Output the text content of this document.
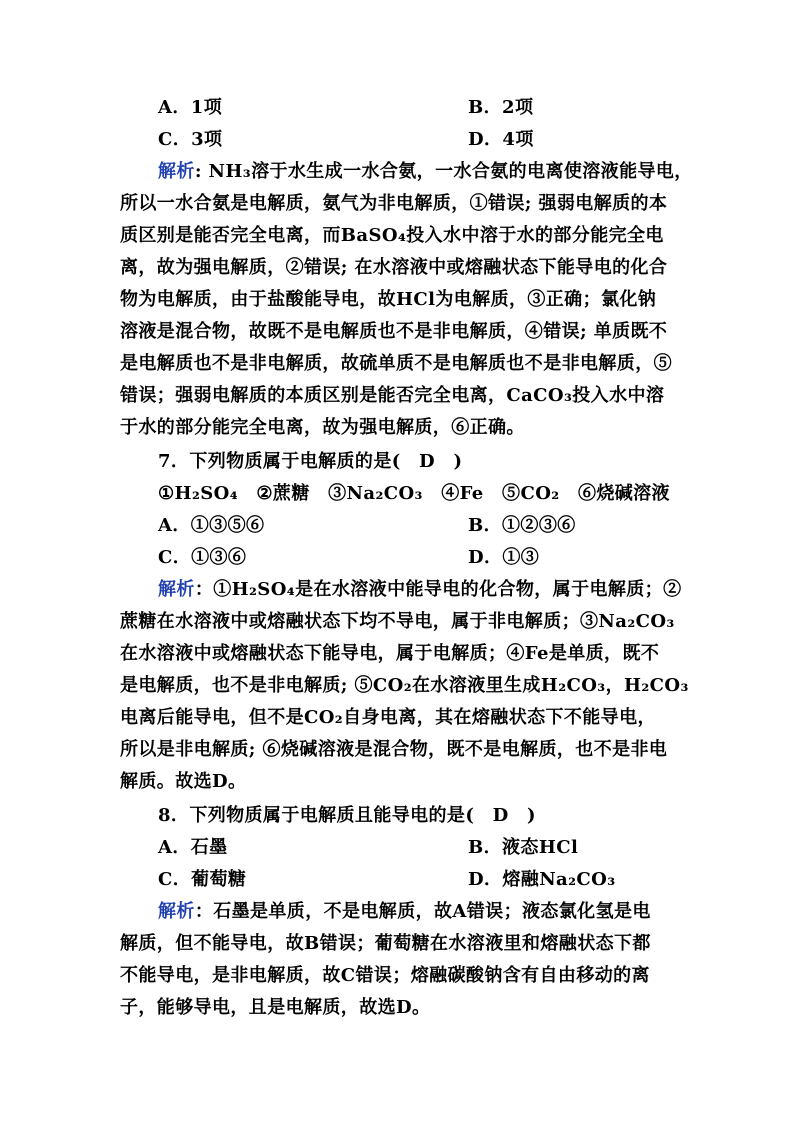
A．1项	B．2项
C．3项	D．4项
解析: NH₃溶于水生成一水合氨，一水合氨的电离使溶液能导电，
所以一水合氨是电解质，氨气为非电解质，①错误; 强弱电解质的本
质区别是能否完全电离，而BaSO₄投入水中溶于水的部分能完全电
离，故为强电解质，②错误; 在水溶液中或熔融状态下能导电的化合
物为电解质，由于盐酸能导电，故HCl为电解质，③正确；氯化钠
溶液是混合物，故既不是电解质也不是非电解质，④错误; 单质既不
是电解质也不是非电解质，故硫单质不是电解质也不是非电解质，⑤
错误；强弱电解质的本质区别是能否完全电离，CaCO₃投入水中溶
于水的部分能完全电离，故为强电解质，⑥正确。
7．下列物质属于电解质的是(　D　)
①H₂SO₄　②蔗糖　③Na₂CO₃　④Fe　⑤CO₂　⑥烧碱溶液
A．①③⑤⑥	B．①②③⑥
C．①③⑥	D．①③
解析：①H₂SO₄是在水溶液中能导电的化合物，属于电解质；②
蔗糖在水溶液中或熔融状态下均不导电，属于非电解质；③Na₂CO₃
在水溶液中或熔融状态下能导电，属于电解质；④Fe是单质，既不
是电解质，也不是非电解质; ⑤CO₂在水溶液里生成H₂CO₃，H₂CO₃
电离后能导电，但不是CO₂自身电离，其在熔融状态下不能导电，
所以是非电解质; ⑥烧碱溶液是混合物，既不是电解质，也不是非电
解质。故选D。
8．下列物质属于电解质且能导电的是(　D　)
A．石墨	B．液态HCl
C．葡萄糖	D．熔融Na₂CO₃
解析：石墨是单质，不是电解质，故A错误；液态氯化氢是电
解质，但不能导电，故B错误；葡萄糖在水溶液里和熔融状态下都
不能导电，是非电解质，故C错误；熔融碳酸钠含有自由移动的离
子，能够导电，且是电解质，故选D。
